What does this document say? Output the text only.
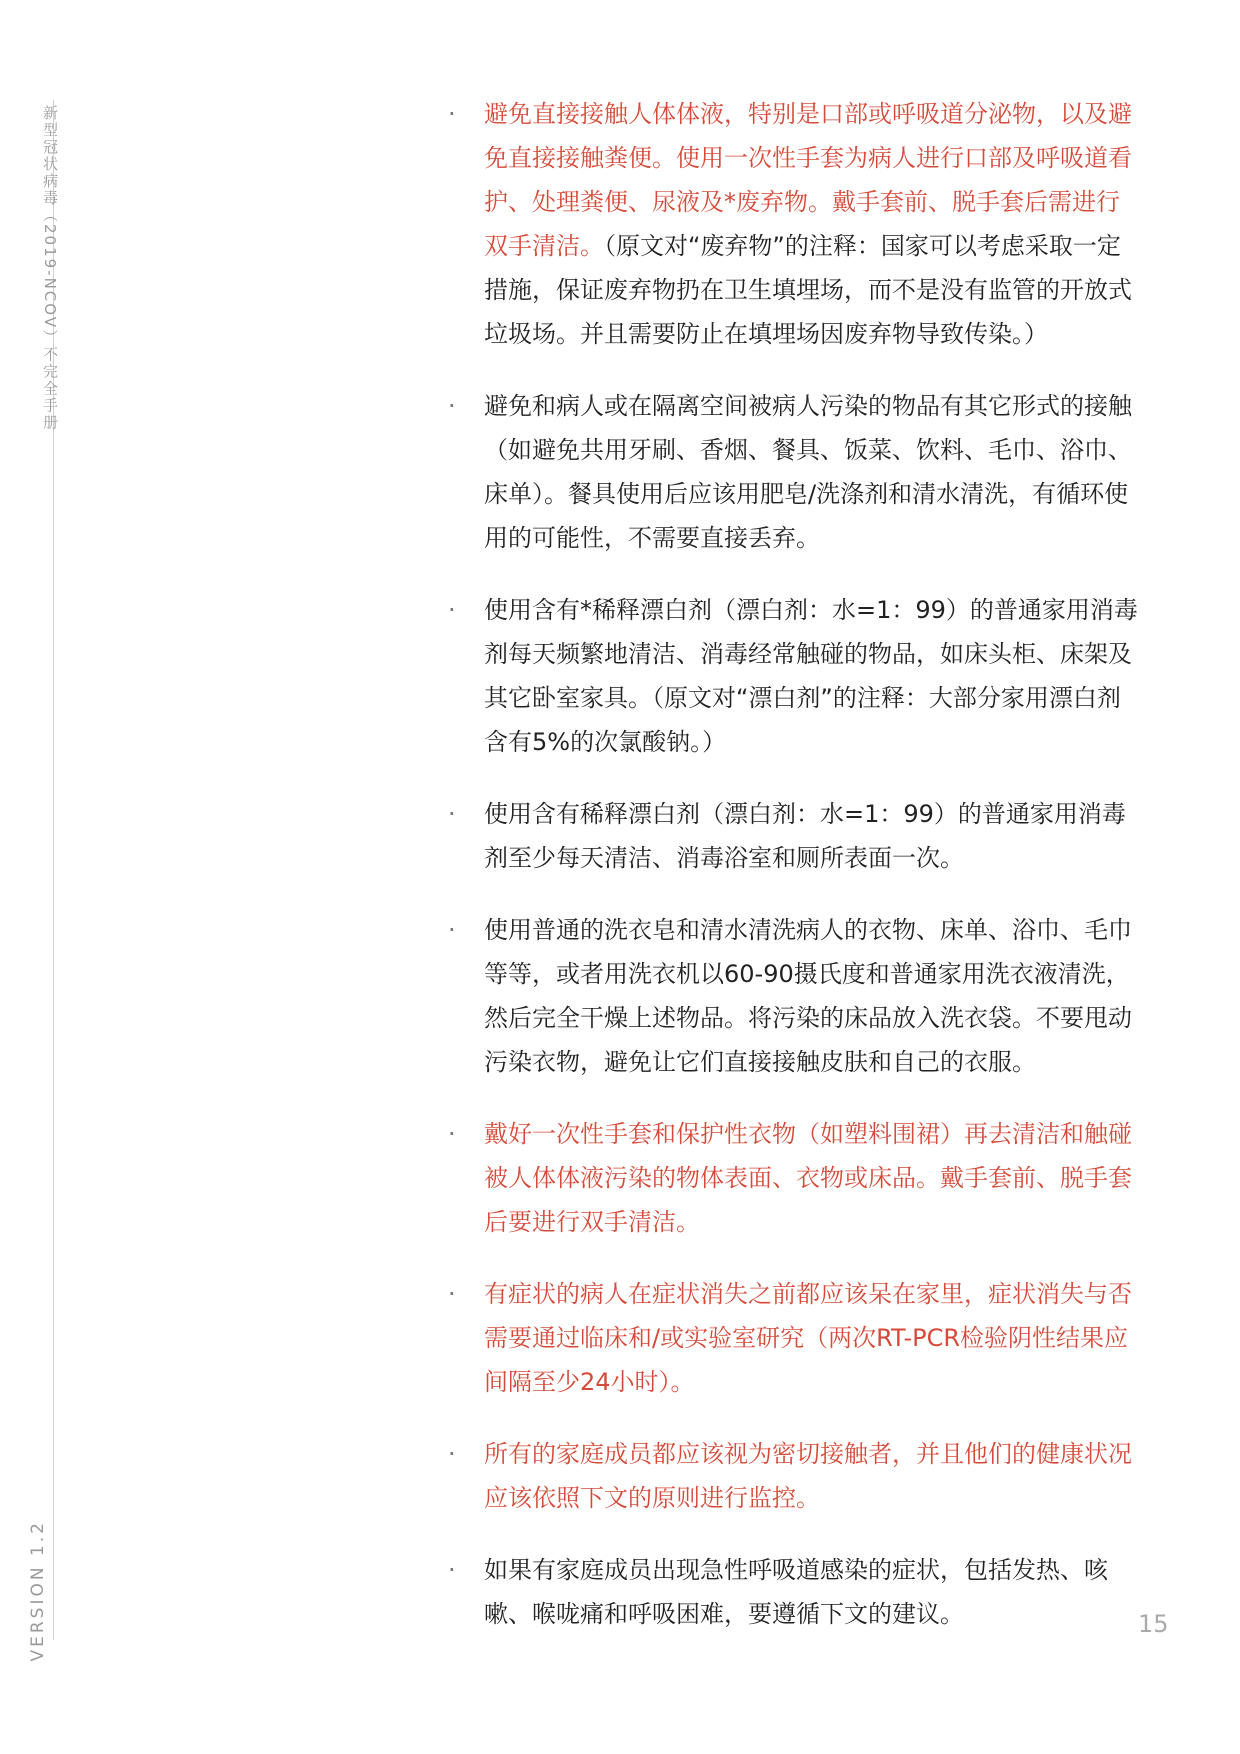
新型冠状病毒（2019-NCOV）不完全手册
VERSION 1.2
·	避免直接接触人体体液，特别是口部或呼吸道分泌物，以及避免直接接触粪便。使用一次性手套为病人进行口部及呼吸道看护、处理粪便、尿液及*废弃物。戴手套前、脱手套后需进行双手清洁。（原文对“废弃物”的注释：国家可以考虑采取一定措施，保证废弃物扔在卫生填埋场，而不是没有监管的开放式垃圾场。并且需要防止在填埋场因废弃物导致传染。）
·	避免和病人或在隔离空间被病人污染的物品有其它形式的接触（如避免共用牙刷、香烟、餐具、饭菜、饮料、毛巾、浴巾、床单）。餐具使用后应该用肥皂/洗涤剂和清水清洗，有循环使用的可能性，不需要直接丢弃。
·	使用含有*稀释漂白剂（漂白剂：水=1：99）的普通家用消毒剂每天频繁地清洁、消毒经常触碰的物品，如床头柜、床架及其它卧室家具。（原文对“漂白剂”的注释：大部分家用漂白剂含有5%的次氯酸钠。）
·	使用含有稀释漂白剂（漂白剂：水=1：99）的普通家用消毒剂至少每天清洁、消毒浴室和厕所表面一次。
·	使用普通的洗衣皂和清水清洗病人的衣物、床单、浴巾、毛巾等等，或者用洗衣机以60-90摄氏度和普通家用洗衣液清洗，然后完全干燥上述物品。将污染的床品放入洗衣袋。不要甩动污染衣物，避免让它们直接接触皮肤和自己的衣服。
·	戴好一次性手套和保护性衣物（如塑料围裙）再去清洁和触碰被人体体液污染的物体表面、衣物或床品。戴手套前、脱手套后要进行双手清洁。
·	有症状的病人在症状消失之前都应该呆在家里，症状消失与否需要通过临床和/或实验室研究（两次RT-PCR检验阴性结果应间隔至少24小时）。
·	所有的家庭成员都应该视为密切接触者，并且他们的健康状况应该依照下文的原则进行监控。
·	如果有家庭成员出现急性呼吸道感染的症状，包括发热、咳嗽、喉咙痛和呼吸困难，要遵循下文的建议。	15
